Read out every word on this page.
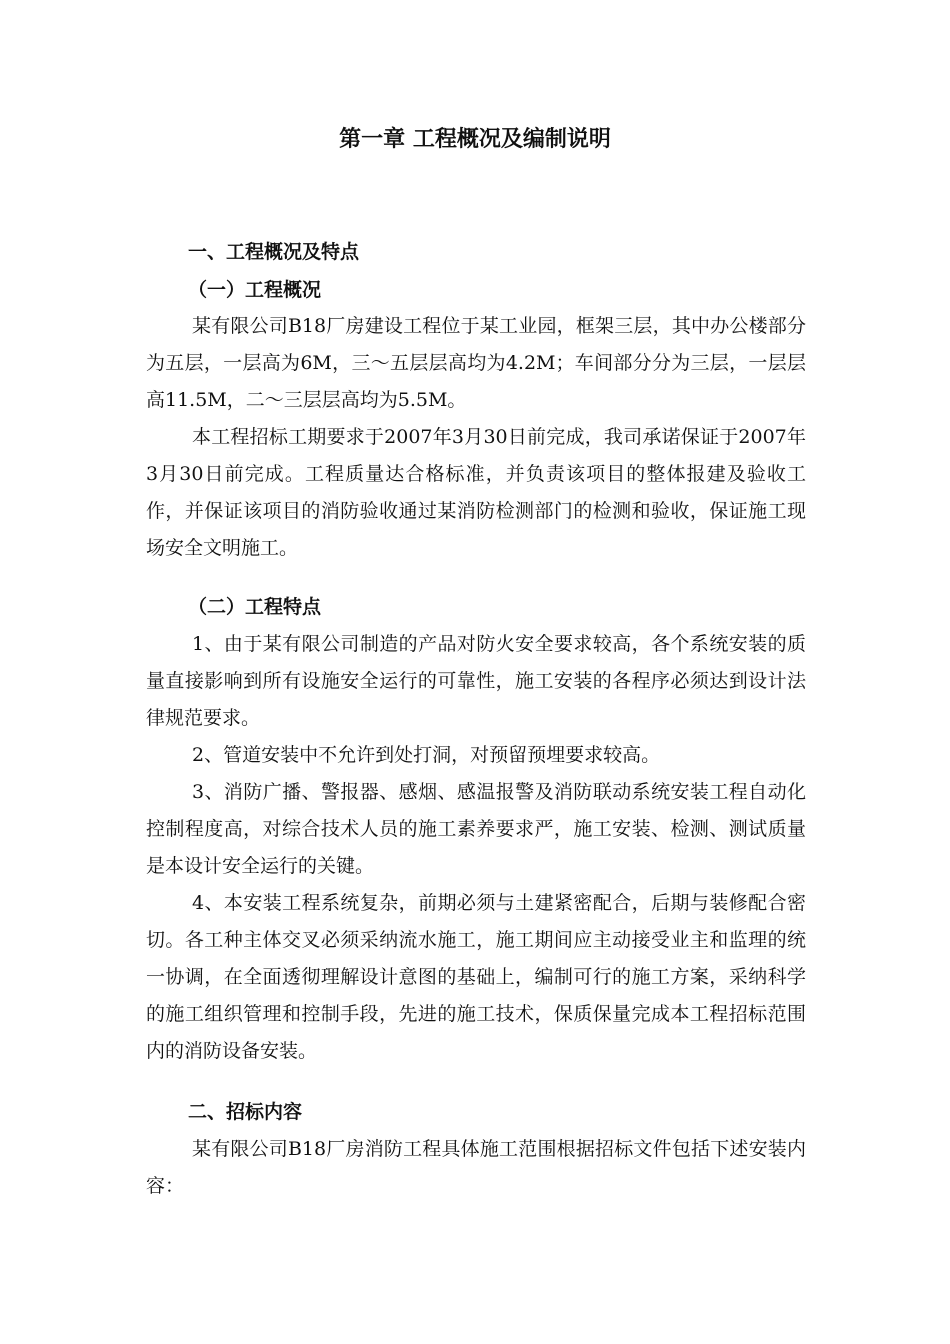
第一章 工程概况及编制说明
一、工程概况及特点
（一）工程概况

某有限公司B18厂房建设工程位于某工业园，框架三层，其中办公楼部分为五层，一层高为6M，三～五层层高均为4.2M；车间部分分为三层，一层层高11.5M，二～三层层高均为5.5M。

本工程招标工期要求于2007年3月30日前完成，我司承诺保证于2007年3月30日前完成。工程质量达合格标准，并负责该项目的整体报建及验收工作，并保证该项目的消防验收通过某消防检测部门的检测和验收，保证施工现场安全文明施工。

（二）工程特点

1、由于某有限公司制造的产品对防火安全要求较高，各个系统安装的质量直接影响到所有设施安全运行的可靠性，施工安装的各程序必须达到设计法律规范要求。

2、管道安装中不允许到处打洞，对预留预埋要求较高。

3、消防广播、警报器、感烟、感温报警及消防联动系统安装工程自动化控制程度高，对综合技术人员的施工素养要求严，施工安装、检测、测试质量是本设计安全运行的关键。

4、本安装工程系统复杂，前期必须与土建紧密配合，后期与装修配合密切。各工种主体交叉必须采纳流水施工，施工期间应主动接受业主和监理的统一协调，在全面透彻理解设计意图的基础上，编制可行的施工方案，采纳科学的施工组织管理和控制手段，先进的施工技术，保质保量完成本工程招标范围内的消防设备安装。

二、招标内容

某有限公司B18厂房消防工程具体施工范围根据招标文件包括下述安装内容：
